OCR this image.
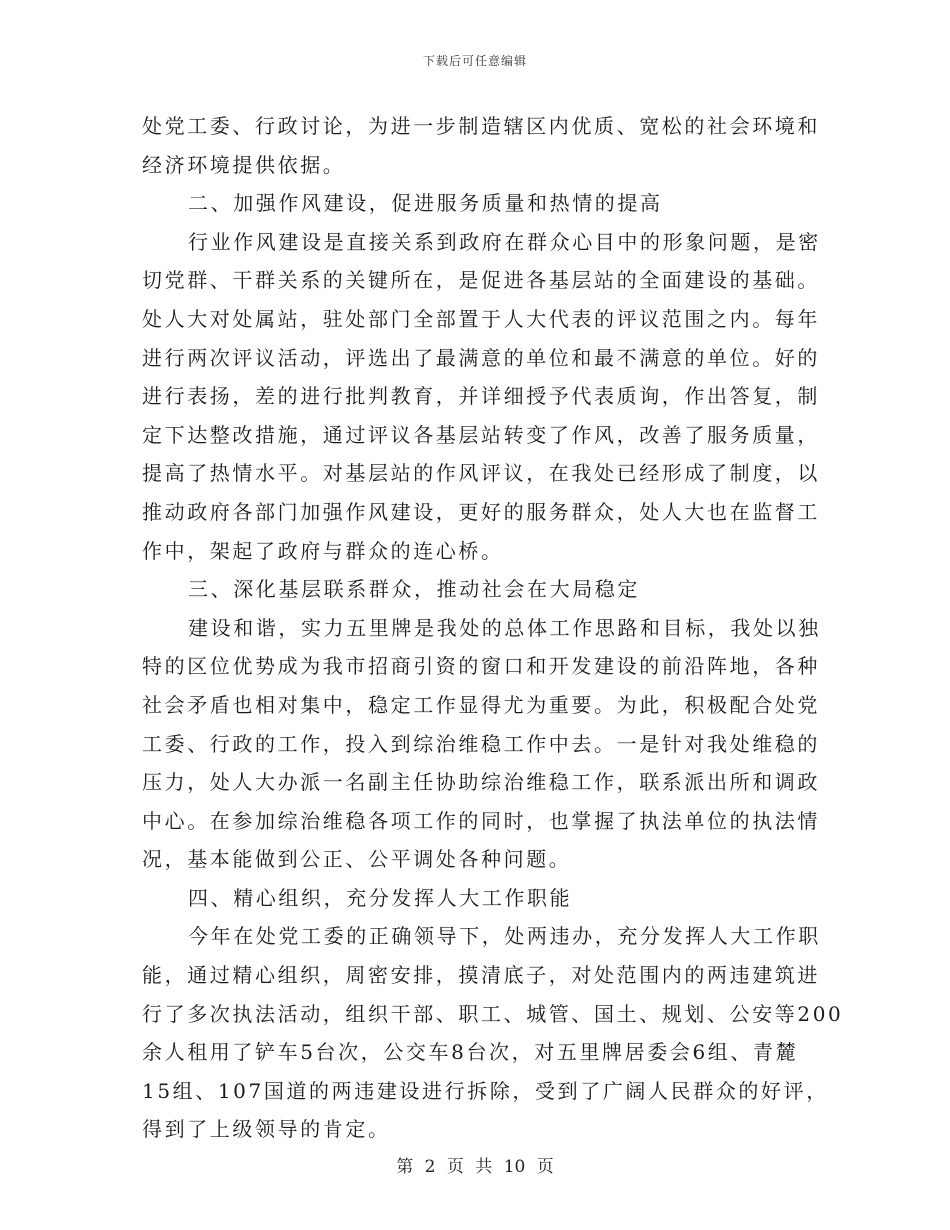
下载后可任意编辑
处党工委、行政讨论，为进一步制造辖区内优质、宽松的社会环境和
经济环境提供依据。
二、加强作风建设，促进服务质量和热情的提高
行业作风建设是直接关系到政府在群众心目中的形象问题，是密
切党群、干群关系的关键所在，是促进各基层站的全面建设的基础。
处人大对处属站，驻处部门全部置于人大代表的评议范围之内。每年
进行两次评议活动，评选出了最满意的单位和最不满意的单位。好的
进行表扬，差的进行批判教育，并详细授予代表质询，作出答复，制
定下达整改措施，通过评议各基层站转变了作风，改善了服务质量，
提高了热情水平。对基层站的作风评议，在我处已经形成了制度，以
推动政府各部门加强作风建设，更好的服务群众，处人大也在监督工
作中，架起了政府与群众的连心桥。
三、深化基层联系群众，推动社会在大局稳定
建设和谐，实力五里牌是我处的总体工作思路和目标，我处以独
特的区位优势成为我市招商引资的窗口和开发建设的前沿阵地，各种
社会矛盾也相对集中，稳定工作显得尤为重要。为此，积极配合处党
工委、行政的工作，投入到综治维稳工作中去。一是针对我处维稳的
压力，处人大办派一名副主任协助综治维稳工作，联系派出所和调政
中心。在参加综治维稳各项工作的同时，也掌握了执法单位的执法情
况，基本能做到公正、公平调处各种问题。
四、精心组织，充分发挥人大工作职能
今年在处党工委的正确领导下，处两违办，充分发挥人大工作职
能，通过精心组织，周密安排，摸清底子，对处范围内的两违建筑进
行了多次执法活动，组织干部、职工、城管、国土、规划、公安等200
余人租用了铲车5台次，公交车8台次，对五里牌居委会6组、青麓
15组、107国道的两违建设进行拆除，受到了广阔人民群众的好评，
得到了上级领导的肯定。
第 2 页 共 10 页
